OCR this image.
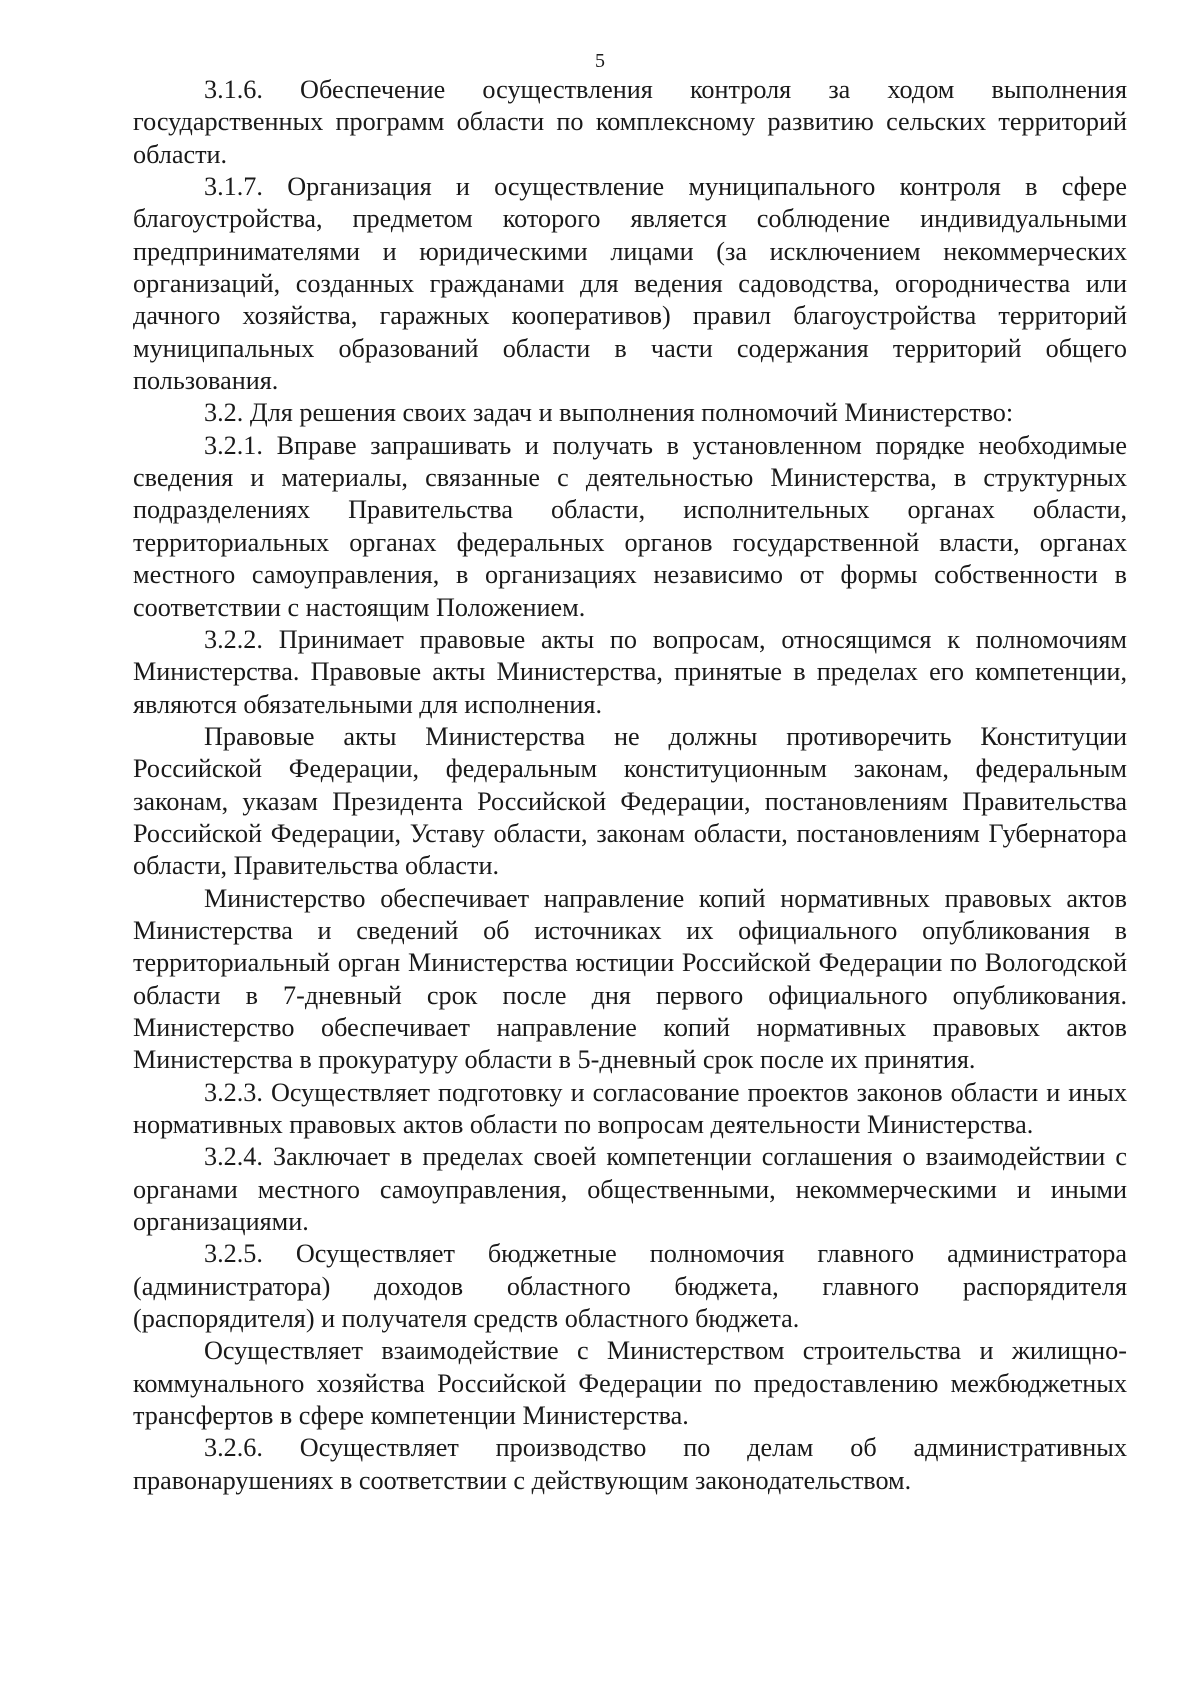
5

3.1.6. Обеспечение осуществления контроля за ходом выполнения государственных программ области по комплексному развитию сельских территорий области.

3.1.7. Организация и осуществление муниципального контроля в сфере благоустройства, предметом которого является соблюдение индивидуальными предпринимателями и юридическими лицами (за исключением некоммерческих организаций, созданных гражданами для ведения садоводства, огородничества или дачного хозяйства, гаражных кооперативов) правил благоустройства территорий муниципальных образований области в части содержания территорий общего пользования.

3.2. Для решения своих задач и выполнения полномочий Министерство:

3.2.1. Вправе запрашивать и получать в установленном порядке необходимые сведения и материалы, связанные с деятельностью Министерства, в структурных подразделениях Правительства области, исполнительных органах области, территориальных органах федеральных органов государственной власти, органах местного самоуправления, в организациях независимо от формы собственности в соответствии с настоящим Положением.

3.2.2. Принимает правовые акты по вопросам, относящимся к полномочиям Министерства. Правовые акты Министерства, принятые в пределах его компетенции, являются обязательными для исполнения.

Правовые акты Министерства не должны противоречить Конституции Российской Федерации, федеральным конституционным законам, федеральным законам, указам Президента Российской Федерации, постановлениям Правительства Российской Федерации, Уставу области, законам области, постановлениям Губернатора области, Правительства области.

Министерство обеспечивает направление копий нормативных правовых актов Министерства и сведений об источниках их официального опубликования в территориальный орган Министерства юстиции Российской Федерации по Вологодской области в 7-дневный срок после дня первого официального опубликования. Министерство обеспечивает направление копий нормативных правовых актов Министерства в прокуратуру области в 5-дневный срок после их принятия.

3.2.3. Осуществляет подготовку и согласование проектов законов области и иных нормативных правовых актов области по вопросам деятельности Министерства.

3.2.4. Заключает в пределах своей компетенции соглашения о взаимодействии с органами местного самоуправления, общественными, некоммерческими и иными организациями.

3.2.5. Осуществляет бюджетные полномочия главного администратора (администратора) доходов областного бюджета, главного распорядителя (распорядителя) и получателя средств областного бюджета.

Осуществляет взаимодействие с Министерством строительства и жилищно-коммунального хозяйства Российской Федерации по предоставлению межбюджетных трансфертов в сфере компетенции Министерства.

3.2.6. Осуществляет производство по делам об административных правонарушениях в соответствии с действующим законодательством.
